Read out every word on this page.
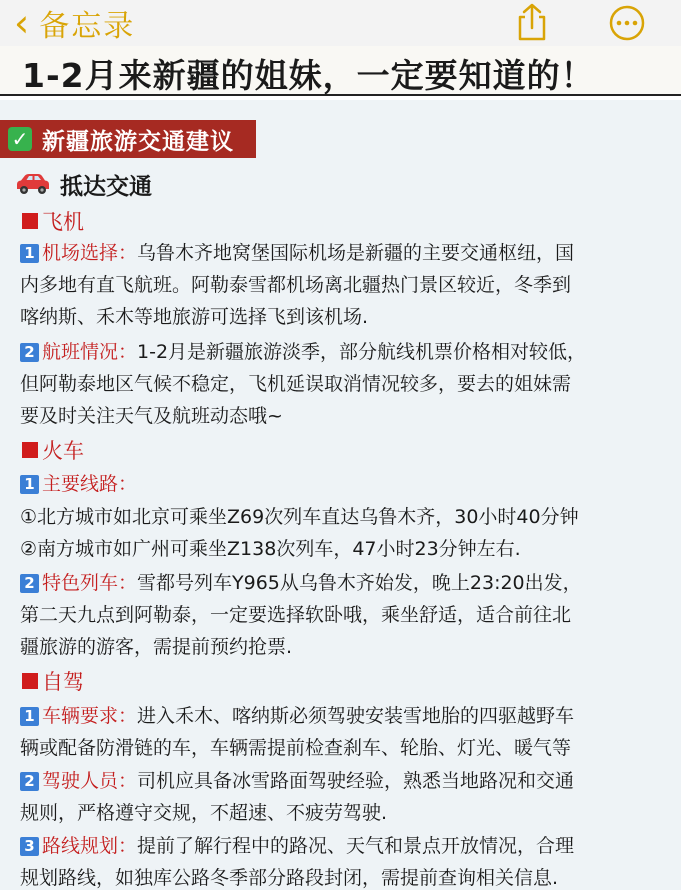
‹ 备忘录
1-2月来新疆的姐妹，一定要知道的！
✓ 新疆旅游交通建议
抵达交通
飞机
1 机场选择：乌鲁木齐地窝堡国际机场是新疆的主要交通枢纽，国
内多地有直飞航班。阿勒泰雪都机场离北疆热门景区较近，冬季到
喀纳斯、禾木等地旅游可选择飞到该机场.
2 航班情况：1-2月是新疆旅游淡季，部分航线机票价格相对较低，
但阿勒泰地区气候不稳定，飞机延误取消情况较多，要去的姐妹需
要及时关注天气及航班动态哦~
火车
1 主要线路：
①北方城市如北京可乘坐Z69次列车直达乌鲁木齐，30小时40分钟
②南方城市如广州可乘坐Z138次列车，47小时23分钟左右.
2 特色列车：雪都号列车Y965从乌鲁木齐始发，晚上23:20出发，
第二天九点到阿勒泰，一定要选择软卧哦，乘坐舒适，适合前往北
疆旅游的游客，需提前预约抢票.
自驾
1 车辆要求：进入禾木、喀纳斯必须驾驶安装雪地胎的四驱越野车
辆或配备防滑链的车，车辆需提前检查刹车、轮胎、灯光、暖气等
2 驾驶人员：司机应具备冰雪路面驾驶经验，熟悉当地路况和交通
规则，严格遵守交规，不超速、不疲劳驾驶.
3 路线规划：提前了解行程中的路况、天气和景点开放情况，合理
规划路线，如独库公路冬季部分路段封闭，需提前查询相关信息.
